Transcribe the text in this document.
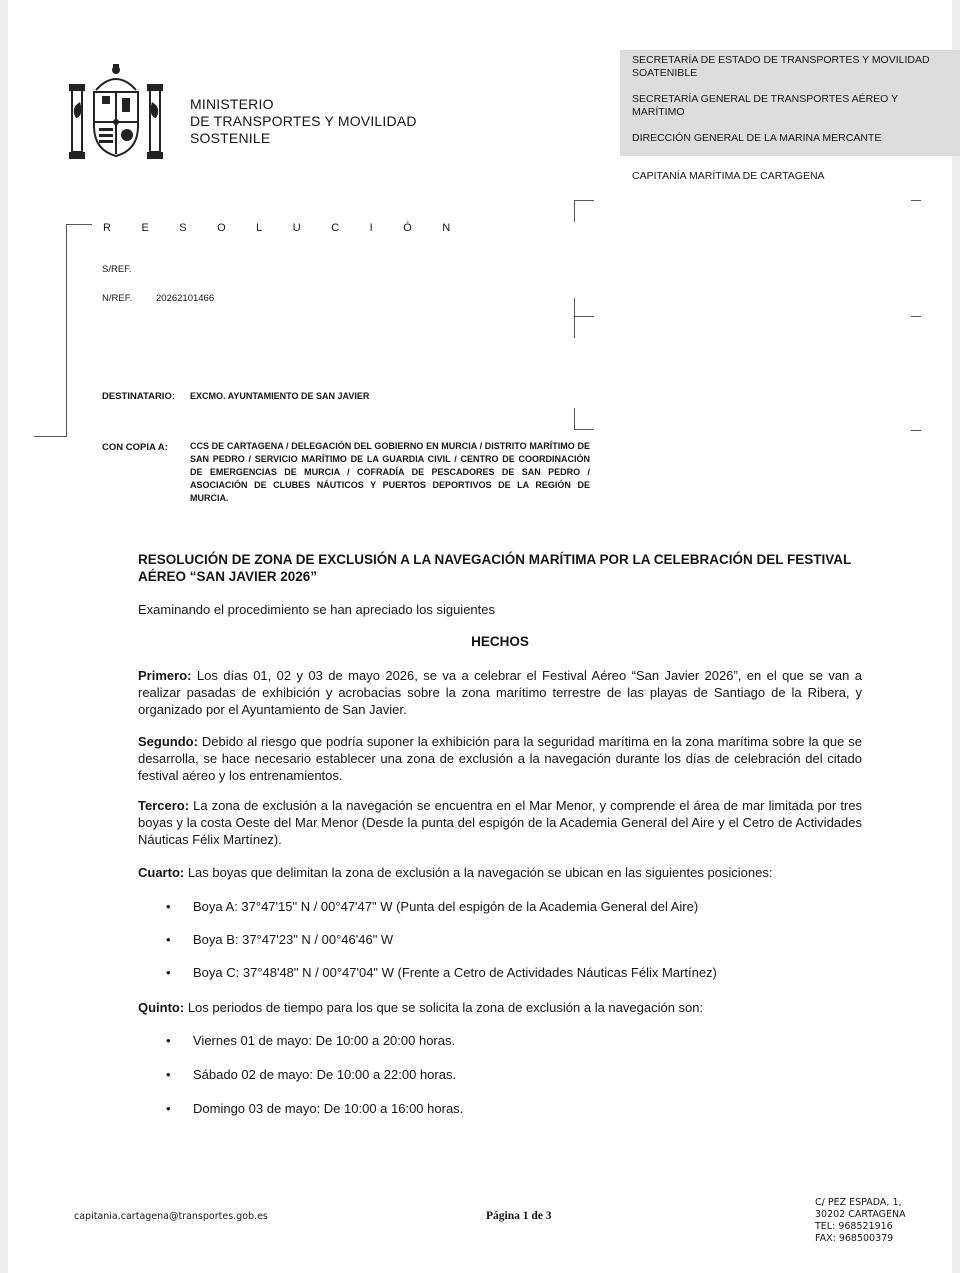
MINISTERIO
DE TRANSPORTES Y MOVILIDAD
SOSTENILE
SECRETARÍA DE ESTADO DE TRANSPORTES Y MOVILIDAD
SOATENIBLE
SECRETARÍA GENERAL DE TRANSPORTES AÉREO Y
MARÍTIMO
DIRECCIÓN GENERAL DE LA MARINA MERCANTE
CAPITANÍA MARÍTIMA DE CARTAGENA
RESOLUCIÓN
S/REF.
N/REF.	20262101466
DESTINATARIO: EXCMO. AYUNTAMIENTO DE SAN JAVIER
CON COPIA A: CCS DE CARTAGENA / DELEGACIÓN DEL GOBIERNO EN MURCIA / DISTRITO MARÍTIMO DE SAN PEDRO / SERVICIO MARÍTIMO DE LA GUARDIA CIVIL / CENTRO DE COORDINACIÓN DE EMERGENCIAS DE MURCIA / COFRADÍA DE PESCADORES DE SAN PEDRO / ASOCIACIÓN DE CLUBES NÁUTICOS Y PUERTOS DEPORTIVOS DE LA REGIÓN DE MURCIA.
RESOLUCIÓN DE ZONA DE EXCLUSIÓN A LA NAVEGACIÓN MARÍTIMA POR LA CELEBRACIÓN DEL FESTIVAL AÉREO “SAN JAVIER 2026”
Examinando el procedimiento se han apreciado los siguientes
HECHOS
Primero: Los días 01, 02 y 03 de mayo 2026, se va a celebrar el Festival Aéreo “San Javier 2026”, en el que se van a realizar pasadas de exhibición y acrobacias sobre la zona marítimo terrestre de las playas de Santiago de la Ribera, y organizado por el Ayuntamiento de San Javier.
Segundo: Debido al riesgo que podría suponer la exhibición para la seguridad marítima en la zona marítima sobre la que se desarrolla, se hace necesario establecer una zona de exclusión a la navegación durante los días de celebración del citado festival aéreo y los entrenamientos.
Tercero: La zona de exclusión a la navegación se encuentra en el Mar Menor, y comprende el área de mar limitada por tres boyas y la costa Oeste del Mar Menor (Desde la punta del espigón de la Academia General del Aire y el Cetro de Actividades Náuticas Félix Martínez).
Cuarto: Las boyas que delimitan la zona de exclusión a la navegación se ubican en las siguientes posiciones:
• Boya A: 37°47'15" N / 00°47'47" W (Punta del espigón de la Academia General del Aire)
• Boya B: 37°47'23" N / 00°46'46" W
• Boya C: 37°48'48" N / 00°47'04" W (Frente a Cetro de Actividades Náuticas Félix Martínez)
Quinto: Los periodos de tiempo para los que se solicita la zona de exclusión a la navegación son:
• Viernes 01 de mayo: De 10:00 a 20:00 horas.
• Sábado 02 de mayo: De 10:00 a 22:00 horas.
• Domingo 03 de mayo: De 10:00 a 16:00 horas.
capitania.cartagena@transportes.gob.es	Página 1 de 3
C/ PEZ ESPADA, 1,
30202 CARTAGENA
TEL: 968521916
FAX: 968500379
